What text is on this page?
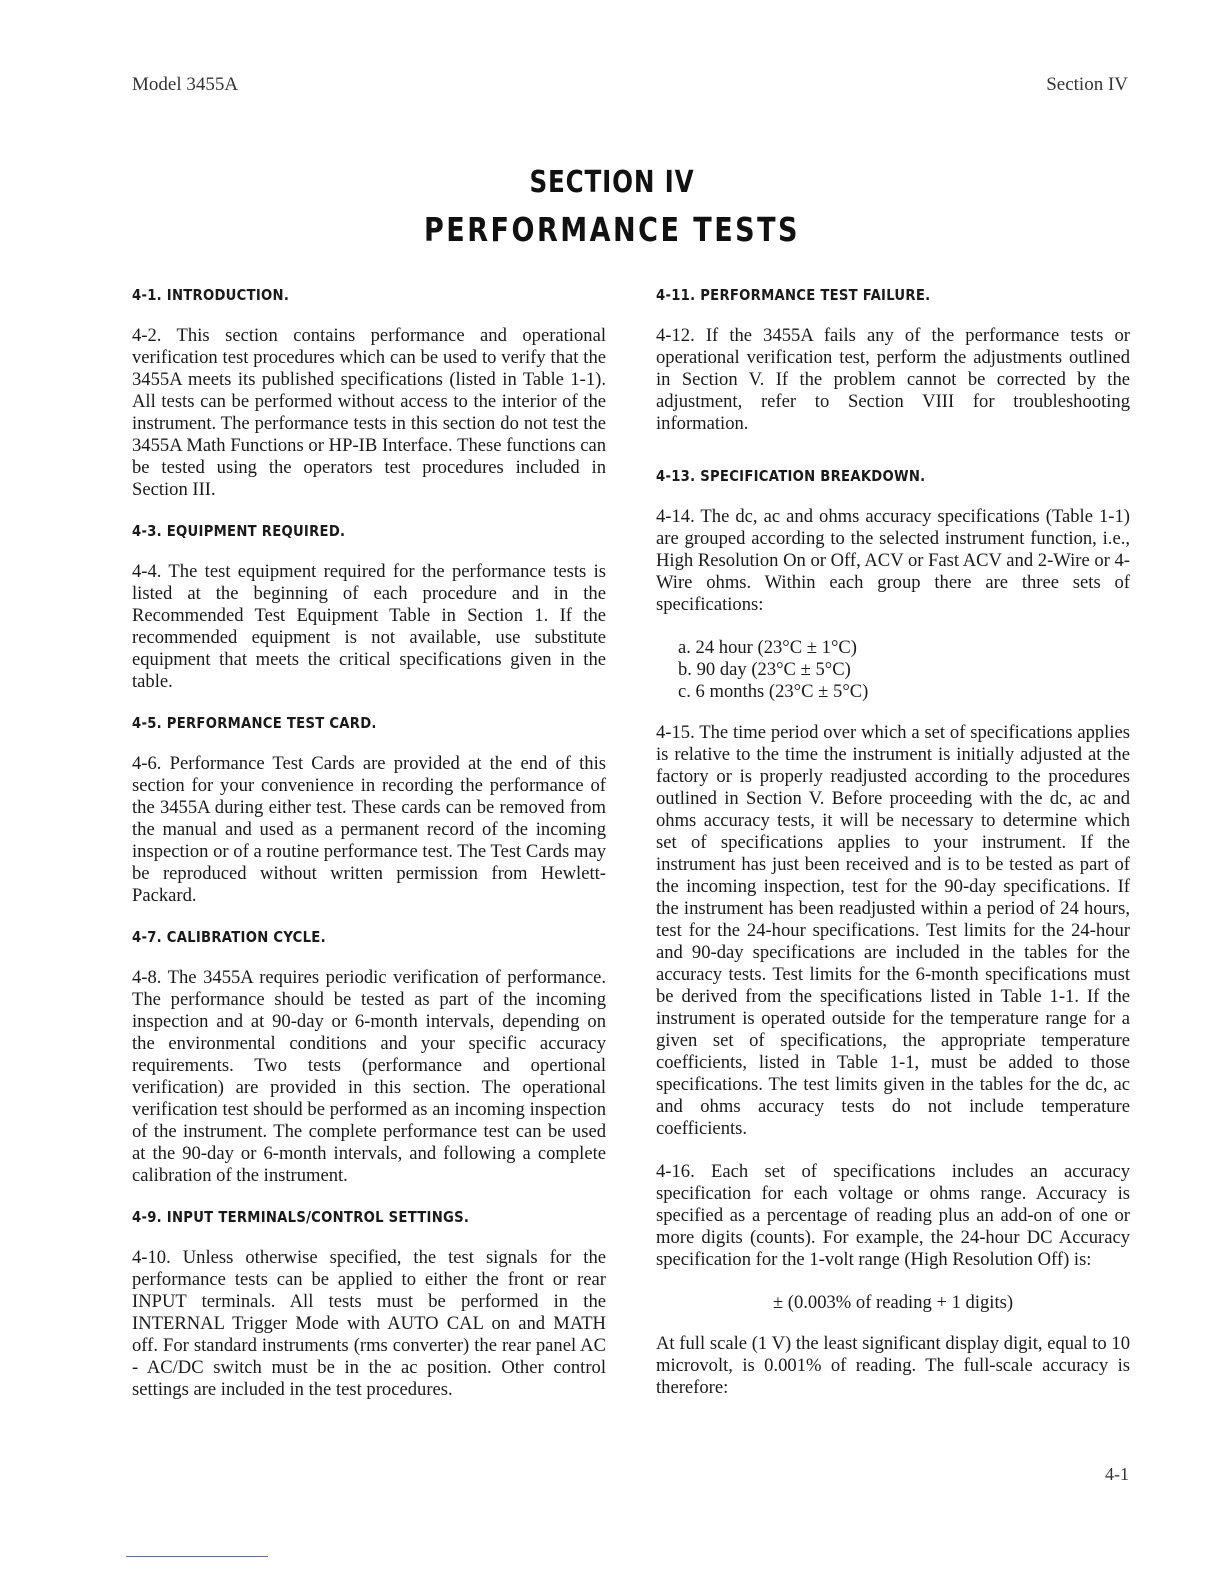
Model 3455A	Section IV
SECTION IV
PERFORMANCE TESTS
4-1. INTRODUCTION.
4-2. This section contains performance and operational verification test procedures which can be used to verify that the 3455A meets its published specifications (listed in Table 1-1). All tests can be performed without access to the interior of the instrument. The performance tests in this section do not test the 3455A Math Functions or HP-IB Interface. These functions can be tested using the operators test procedures included in Section III.
4-3. EQUIPMENT REQUIRED.
4-4. The test equipment required for the performance tests is listed at the beginning of each procedure and in the Recommended Test Equipment Table in Section 1. If the recommended equipment is not available, use substitute equipment that meets the critical specifications given in the table.
4-5. PERFORMANCE TEST CARD.
4-6. Performance Test Cards are provided at the end of this section for your convenience in recording the performance of the 3455A during either test. These cards can be removed from the manual and used as a permanent record of the incoming inspection or of a routine performance test. The Test Cards may be reproduced without written permission from Hewlett-Packard.
4-7. CALIBRATION CYCLE.
4-8. The 3455A requires periodic verification of performance. The performance should be tested as part of the incoming inspection and at 90-day or 6-month intervals, depending on the environmental conditions and your specific accuracy requirements. Two tests (performance and opertional verification) are provided in this section. The operational verification test should be performed as an incoming inspection of the instrument. The complete performance test can be used at the 90-day or 6-month intervals, and following a complete calibration of the instrument.
4-9. INPUT TERMINALS/CONTROL SETTINGS.
4-10. Unless otherwise specified, the test signals for the performance tests can be applied to either the front or rear INPUT terminals. All tests must be performed in the INTERNAL Trigger Mode with AUTO CAL on and MATH off. For standard instruments (rms converter) the rear panel AC - AC/DC switch must be in the ac position. Other control settings are included in the test procedures.
4-11. PERFORMANCE TEST FAILURE.
4-12. If the 3455A fails any of the performance tests or operational verification test, perform the adjustments outlined in Section V. If the problem cannot be corrected by the adjustment, refer to Section VIII for troubleshooting information.
4-13. SPECIFICATION BREAKDOWN.
4-14. The dc, ac and ohms accuracy specifications (Table 1-1) are grouped according to the selected instrument function, i.e., High Resolution On or Off, ACV or Fast ACV and 2-Wire or 4-Wire ohms. Within each group there are three sets of specifications:
a. 24 hour (23°C ± 1°C)
b. 90 day (23°C ± 5°C)
c. 6 months (23°C ± 5°C)
4-15. The time period over which a set of specifications applies is relative to the time the instrument is initially adjusted at the factory or is properly readjusted according to the procedures outlined in Section V. Before proceeding with the dc, ac and ohms accuracy tests, it will be necessary to determine which set of specifications applies to your instrument. If the instrument has just been received and is to be tested as part of the incoming inspection, test for the 90-day specifications. If the instrument has been readjusted within a period of 24 hours, test for the 24-hour specifications. Test limits for the 24-hour and 90-day specifications are included in the tables for the accuracy tests. Test limits for the 6-month specifications must be derived from the specifications listed in Table 1-1. If the instrument is operated outside for the temperature range for a given set of specifications, the appropriate temperature coefficients, listed in Table 1-1, must be added to those specifications. The test limits given in the tables for the dc, ac and ohms accuracy tests do not include temperature coefficients.
4-16. Each set of specifications includes an accuracy specification for each voltage or ohms range. Accuracy is specified as a percentage of reading plus an add-on of one or more digits (counts). For example, the 24-hour DC Accuracy specification for the 1-volt range (High Resolution Off) is:
± (0.003% of reading + 1 digits)
At full scale (1 V) the least significant display digit, equal to 10 microvolt, is 0.001% of reading. The full-scale accuracy is therefore:
4-1
